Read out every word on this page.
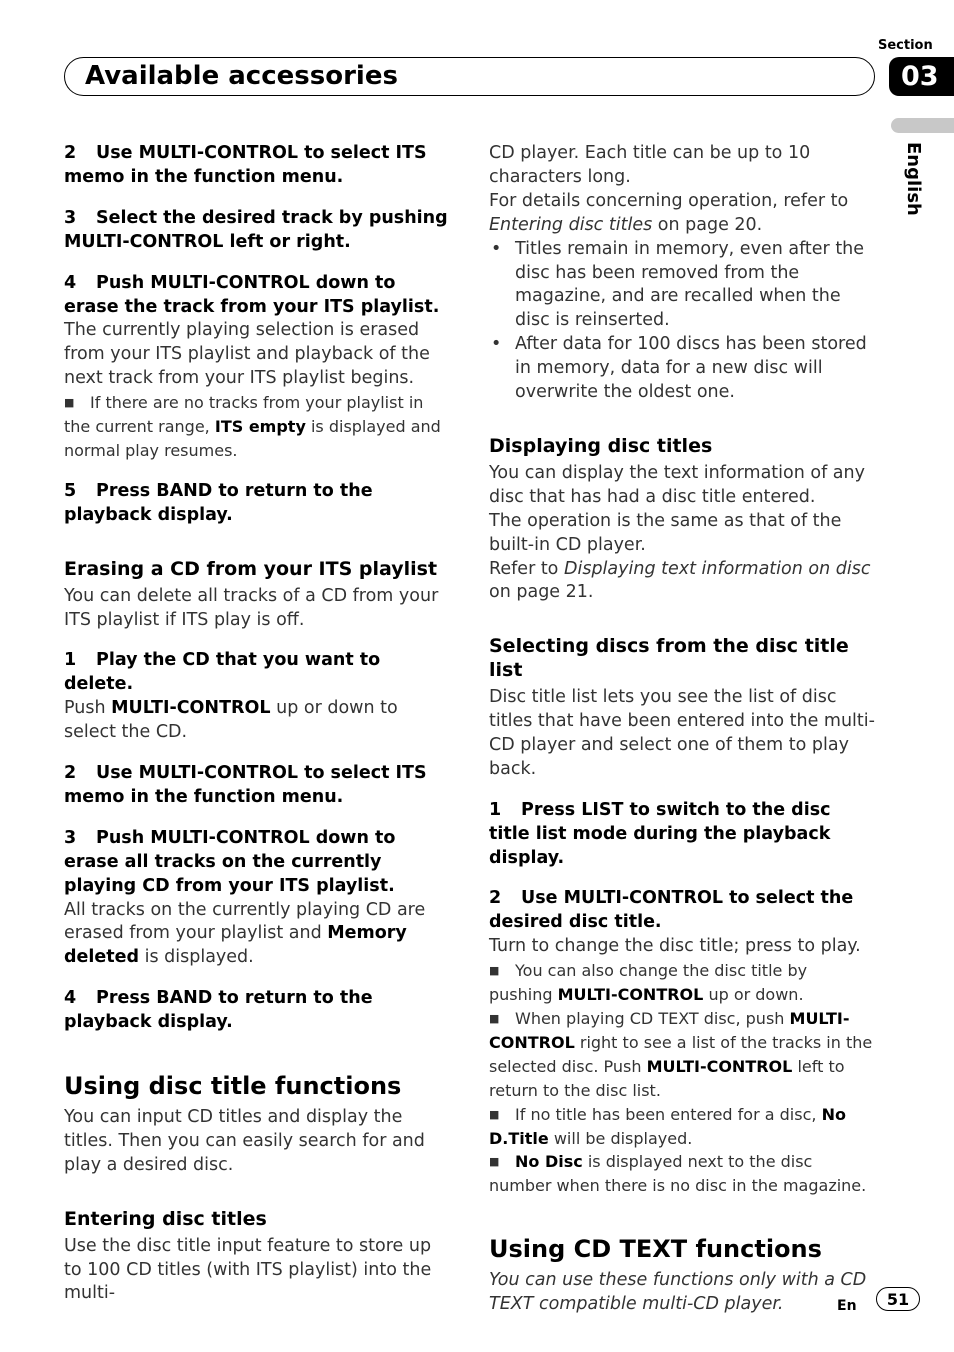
Section
03
Available accessories
English

2 Use MULTI-CONTROL to select ITS memo in the function menu.

3 Select the desired track by pushing MULTI-CONTROL left or right.

4 Push MULTI-CONTROL down to erase the track from your ITS playlist.

The currently playing selection is erased from your ITS playlist and playback of the next track from your ITS playlist begins.

■ If there are no tracks from your playlist in the current range, ITS empty is displayed and normal play resumes.

5 Press BAND to return to the playback display.

Erasing a CD from your ITS playlist

You can delete all tracks of a CD from your ITS playlist if ITS play is off.

1 Play the CD that you want to delete.

Push MULTI-CONTROL up or down to select the CD.

2 Use MULTI-CONTROL to select ITS memo in the function menu.

3 Push MULTI-CONTROL down to erase all tracks on the currently playing CD from your ITS playlist.

All tracks on the currently playing CD are erased from your playlist and Memory deleted is displayed.

4 Press BAND to return to the playback display.

Using disc title functions

You can input CD titles and display the titles. Then you can easily search for and play a desired disc.

Entering disc titles

Use the disc title input feature to store up to 100 CD titles (with ITS playlist) into the multi-

CD player. Each title can be up to 10 characters long.

For details concerning operation, refer to Entering disc titles on page 20.

• Titles remain in memory, even after the disc has been removed from the magazine, and are recalled when the disc is reinserted.
• After data for 100 discs has been stored in memory, data for a new disc will overwrite the oldest one.
Displaying disc titles

You can display the text information of any disc that has had a disc title entered.

The operation is the same as that of the built-in CD player.

Refer to Displaying text information on disc on page 21.

Selecting discs from the disc title list

Disc title list lets you see the list of disc titles that have been entered into the multi-CD player and select one of them to play back.

1 Press LIST to switch to the disc title list mode during the playback display.

2 Use MULTI-CONTROL to select the desired disc title.

Turn to change the disc title; press to play.

■ You can also change the disc title by pushing MULTI-CONTROL up or down.

■ When playing CD TEXT disc, push MULTI-CONTROL right to see a list of the tracks in the selected disc. Push MULTI-CONTROL left to return to the disc list.

■ If no title has been entered for a disc, No D.Title will be displayed.

■ No Disc is displayed next to the disc number when there is no disc in the magazine.

Using CD TEXT functions

You can use these functions only with a CD TEXT compatible multi-CD player.	En 51
